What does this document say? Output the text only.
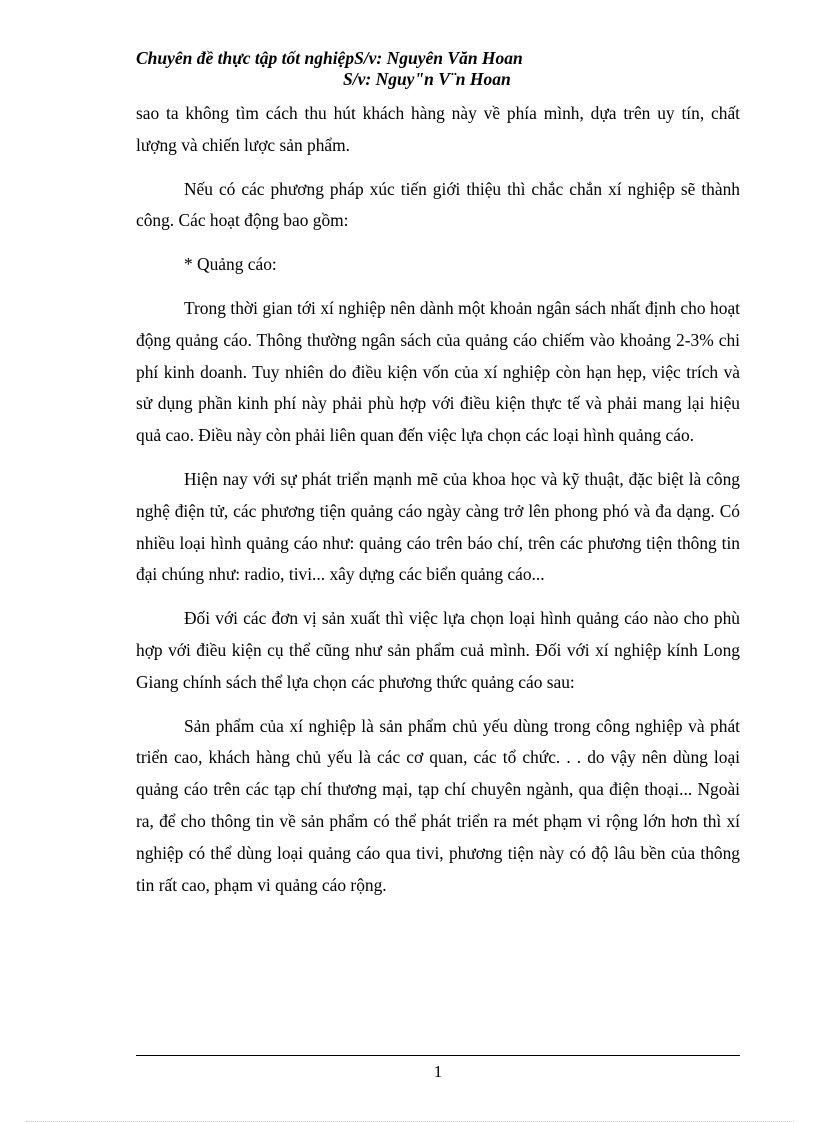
Chuyên đề thực tập tốt nghiệpS/v: Nguyên Văn Hoan
S/v: Nguy"n V¨n Hoan

sao ta không tìm cách thu hút khách hàng này về phía mình, dựa trên uy tín, chất lượng và chiến lược sản phẩm.

Nếu có các phương pháp xúc tiến giới thiệu thì chắc chắn xí nghiệp sẽ thành công. Các hoạt động bao gồm:

* Quảng cáo:

Trong thời gian tới xí nghiệp nên dành một khoản ngân sách nhất định cho hoạt động quảng cáo. Thông thường ngân sách của quảng cáo chiếm vào khoảng 2-3% chi phí kinh doanh. Tuy nhiên do điều kiện vốn của xí nghiệp còn hạn hẹp, việc trích và sử dụng phần kinh phí này phải phù hợp với điều kiện thực tế và phải mang lại hiệu quả cao. Điều này còn phải liên quan đến việc lựa chọn các loại hình quảng cáo.

Hiện nay với sự phát triển mạnh mẽ của khoa học và kỹ thuật, đặc biệt là công nghệ điện tử, các phương tiện quảng cáo ngày càng trở lên phong phó và đa dạng. Có nhiều loại hình quảng cáo như: quảng cáo trên báo chí, trên các phương tiện thông tin đại chúng như: radio, tivi... xây dựng các biển quảng cáo...

Đối với các đơn vị sản xuất thì việc lựa chọn loại hình quảng cáo nào cho phù hợp với điều kiện cụ thể cũng như sản phẩm cuả mình. Đối với xí nghiệp kính Long Giang chính sách thể lựa chọn các phương thức quảng cáo sau:

Sản phẩm của xí nghiệp là sản phẩm chủ yếu dùng trong công nghiệp và phát triển cao, khách hàng chủ yếu là các cơ quan, các tổ chức. . . do vậy nên dùng loại quảng cáo trên các tạp chí thương mại, tạp chí chuyên ngành, qua điện thoại... Ngoài ra, để cho thông tin về sản phẩm có thể phát triển ra mét phạm vi rộng lớn hơn thì xí nghiệp có thể dùng loại quảng cáo qua tivi, phương tiện này có độ lâu bền của thông tin rất cao, phạm vi quảng cáo rộng.

1
